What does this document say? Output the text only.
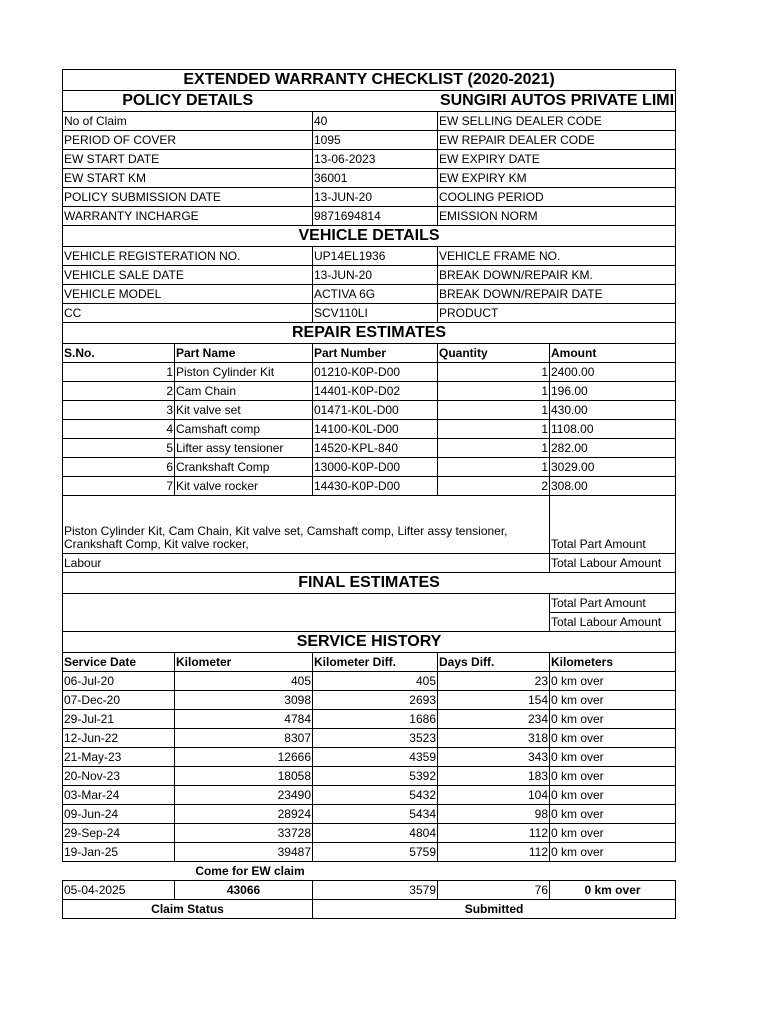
EXTENDED WARRANTY CHECKLIST (2020-2021)				
POLICY DETAILS		SUNGIRI AUTOS PRIVATE LIMI		
No of Claim		40	EW SELLING DEALER CODE	
PERIOD OF COVER		1095	EW REPAIR DEALER CODE	
EW START DATE		13-06-2023	EW EXPIRY DATE	
EW START KM		36001	EW EXPIRY KM	
POLICY SUBMISSION DATE		13-JUN-20	COOLING PERIOD	
WARRANTY INCHARGE		9871694814	EMISSION NORM	
VEHICLE DETAILS				
VEHICLE REGISTERATION NO.		UP14EL1936	VEHICLE FRAME NO.	
VEHICLE SALE DATE		13-JUN-20	BREAK DOWN/REPAIR KM.	
VEHICLE MODEL		ACTIVA 6G	BREAK DOWN/REPAIR DATE	
CC		SCV110LI	PRODUCT	
REPAIR ESTIMATES				
S.No.	Part Name	Part Number	Quantity	Amount
1	Piston Cylinder Kit	01210-K0P-D00	1	2400.00
2	Cam Chain	14401-K0P-D02	1	196.00
3	Kit valve set	01471-K0L-D00	1	430.00
4	Camshaft comp	14100-K0L-D00	1	1108.00
5	Lifter assy tensioner	14520-KPL-840	1	282.00
6	Crankshaft Comp	13000-K0P-D00	1	3029.00
7	Kit valve rocker	14430-K0P-D00	2	308.00

Piston Cylinder Kit, Cam Chain, Kit valve set, Camshaft comp, Lifter assy tensioner, Crankshaft Comp, Kit valve rocker,				Total Part Amount
Labour				Total Labour Amount
FINAL ESTIMATES				
				Total Part Amount
				Total Labour Amount
SERVICE HISTORY				
Service Date	Kilometer	Kilometer Diff.	Days Diff.	Kilometers
06-Jul-20	405	405	23	0 km over
07-Dec-20	3098	2693	154	0 km over
29-Jul-21	4784	1686	234	0 km over
12-Jun-22	8307	3523	318	0 km over
21-May-23	12666	4359	343	0 km over
20-Nov-23	18058	5392	183	0 km over
03-Mar-24	23490	5432	104	0 km over
09-Jun-24	28924	5434	98	0 km over
29-Sep-24	33728	4804	112	0 km over
19-Jan-25	39487	5759	112	0 km over
Come for EW claim				
05-04-2025	43066	3579	76	0 km over
Claim Status		Submitted		
